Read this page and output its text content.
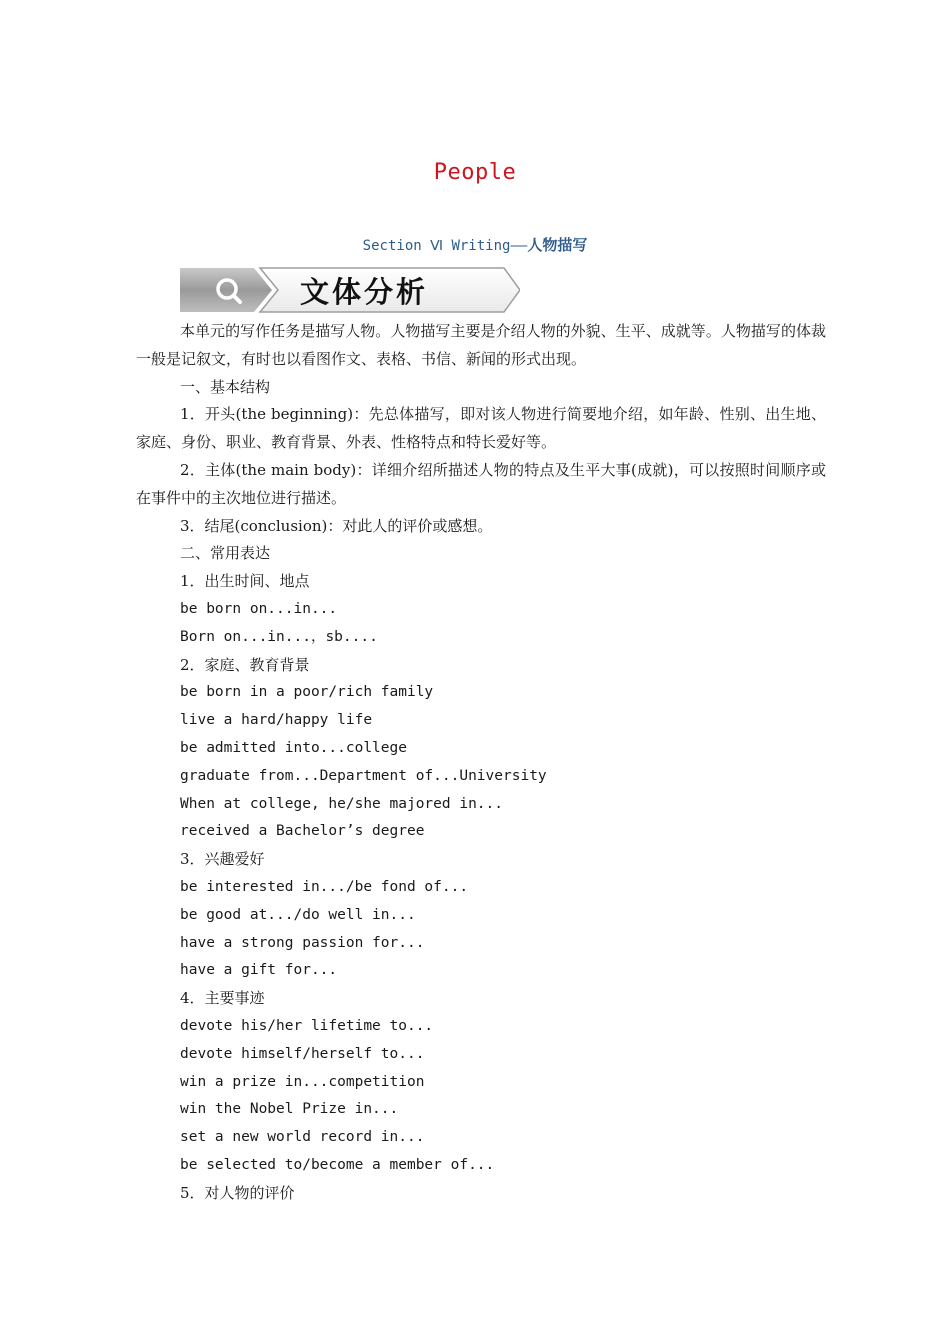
People
Section Ⅵ Writing——人物描写
文体分析

本单元的写作任务是描写人物。人物描写主要是介绍人物的外貌、生平、成就等。人物描写的体裁一般是记叙文，有时也以看图作文、表格、书信、新闻的形式出现。

一、基本结构

1．开头(the beginning)：先总体描写，即对该人物进行简要地介绍，如年龄、性别、出生地、家庭、身份、职业、教育背景、外表、性格特点和特长爱好等。

2．主体(the main body)：详细介绍所描述人物的特点及生平大事(成就)，可以按照时间顺序或在事件中的主次地位进行描述。

3．结尾(conclusion)：对此人的评价或感想。

二、常用表达

1．出生时间、地点

be born on...in...

Born on...in...，sb....

2．家庭、教育背景

be born in a poor/rich family

live a hard/happy life

be admitted into...college

graduate from...Department of...University

When at college, he/she majored in...

received a Bachelor’s degree

3．兴趣爱好

be interested in.../be fond of...

be good at.../do well in...

have a strong passion for...

have a gift for...

4．主要事迹

devote his/her lifetime to...

devote himself/herself to...

win a prize in...competition

win the Nobel Prize in...

set a new world record in...

be selected to/become a member of...

5．对人物的评价
